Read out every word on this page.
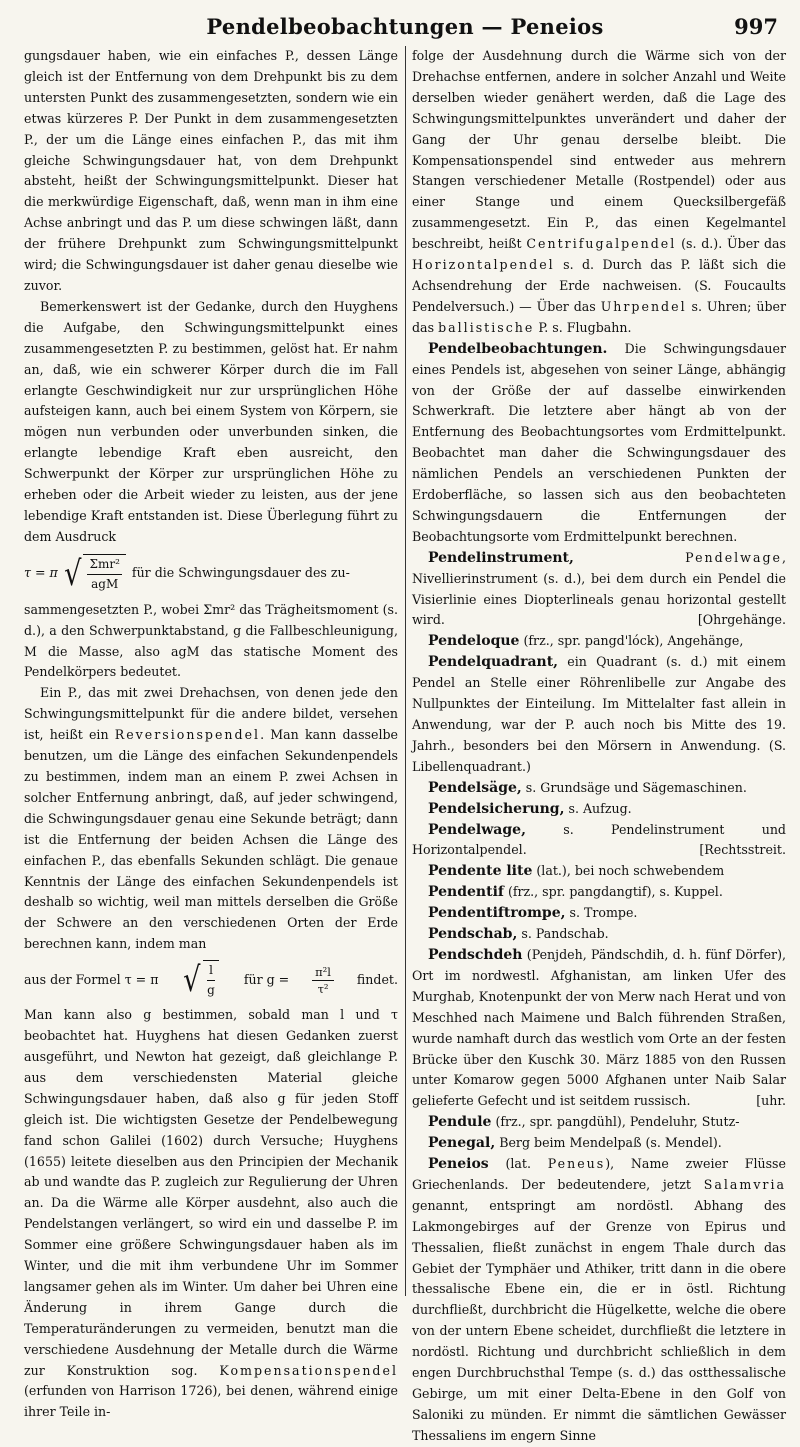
Pendelbeobachtungen — Peneios	997

gungsdauer haben, wie ein einfaches P., dessen Länge gleich ist der Entfernung von dem Drehpunkt bis zu dem untersten Punkt des zusammengesetzten, sondern wie ein etwas kürzeres P. Der Punkt in dem zusammengesetzten P., der um die Länge eines einfachen P., das mit ihm gleiche Schwingungsdauer hat, von dem Drehpunkt absteht, heißt der Schwingungsmittelpunkt. Dieser hat die merkwürdige Eigenschaft, daß, wenn man in ihm eine Achse anbringt und das P. um diese schwingen läßt, dann der frühere Drehpunkt zum Schwingungsmittelpunkt wird; die Schwingungsdauer ist daher genau dieselbe wie zuvor.

Bemerkenswert ist der Gedanke, durch den Huyghens die Aufgabe, den Schwingungsmittelpunkt eines zusammengesetzten P. zu bestimmen, gelöst hat. Er nahm an, daß, wie ein schwerer Körper durch die im Fall erlangte Geschwindigkeit nur zur ursprünglichen Höhe aufsteigen kann, auch bei einem System von Körpern, sie mögen nun verbunden oder unverbunden sinken, die erlangte lebendige Kraft eben ausreicht, den Schwerpunkt der Körper zur ursprünglichen Höhe zu erheben oder die Arbeit wieder zu leisten, aus der jene lebendige Kraft entstanden ist. Diese Überlegung führt zu dem Ausdruck

τ = π √ $\frac{\text{Σmr²}}{\text{agM}}$ für die Schwingungsdauer des zu-

sammengesetzten P., wobei Σmr² das Trägheitsmoment (s. d.), a den Schwerpunktabstand, g die Fallbeschleunigung, M die Masse, also agM das statische Moment des Pendelkörpers bedeutet.

Ein P., das mit zwei Drehachsen, von denen jede den Schwingungsmittelpunkt für die andere bildet, versehen ist, heißt ein Reversionspendel. Man kann dasselbe benutzen, um die Länge des einfachen Sekundenpendels zu bestimmen, indem man an einem P. zwei Achsen in solcher Entfernung anbringt, daß, auf jeder schwingend, die Schwingungsdauer genau eine Sekunde beträgt; dann ist die Entfernung der beiden Achsen die Länge des einfachen P., das ebenfalls Sekunden schlägt. Die genaue Kenntnis der Länge des einfachen Sekundenpendels ist deshalb so wichtig, weil man mittels derselben die Größe der Schwere an den verschiedenen Orten der Erde berechnen kann, indem man

aus der Formel τ = π √ $\frac{l}{g}$ für $g = \frac{\text{π²l}}{\text{τ²}} findet$.

Man kann also g bestimmen, sobald man l und τ beobachtet hat. Huyghens hat diesen Gedanken zuerst ausgeführt, und Newton hat gezeigt, daß gleichlange P. aus dem verschiedensten Material gleiche Schwingungsdauer haben, daß also g für jeden Stoff gleich ist. Die wichtigsten Gesetze der Pendelbewegung fand schon Galilei (1602) durch Versuche; Huyghens (1655) leitete dieselben aus den Principien der Mechanik ab und wandte das P. zugleich zur Regulierung der Uhren an. Da die Wärme alle Körper ausdehnt, also auch die Pendelstangen verlängert, so wird ein und dasselbe P. im Sommer eine größere Schwingungsdauer haben als im Winter, und die mit ihm verbundene Uhr im Sommer langsamer gehen als im Winter. Um daher bei Uhren eine Änderung in ihrem Gange durch die Temperaturänderungen zu vermeiden, benutzt man die verschiedene Ausdehnung der Metalle durch die Wärme zur Konstruktion sog. Kompensationspendel (erfunden von Harrison 1726), bei denen, während einige ihrer Teile in-

folge der Ausdehnung durch die Wärme sich von der Drehachse entfernen, andere in solcher Anzahl und Weite derselben wieder genähert werden, daß die Lage des Schwingungsmittelpunktes unverändert und daher der Gang der Uhr genau derselbe bleibt. Die Kompensationspendel sind entweder aus mehrern Stangen verschiedener Metalle (Rostpendel) oder aus einer Stange und einem Quecksilbergefäß zusammengesetzt. Ein P., das einen Kegelmantel beschreibt, heißt Centrifugalpendel (s. d.). Über das Horizontalpendel s. d. Durch das P. läßt sich die Achsendrehung der Erde nachweisen. (S. Foucaults Pendelversuch.) — Über das Uhrpendel s. Uhren; über das ballistische P. s. Flugbahn.

Pendelbeobachtungen. Die Schwingungsdauer eines Pendels ist, abgesehen von seiner Länge, abhängig von der Größe der auf dasselbe einwirkenden Schwerkraft. Die letztere aber hängt ab von der Entfernung des Beobachtungsortes vom Erdmittelpunkt. Beobachtet man daher die Schwingungsdauer des nämlichen Pendels an verschiedenen Punkten der Erdoberfläche, so lassen sich aus den beobachteten Schwingungsdauern die Entfernungen der Beobachtungsorte vom Erdmittelpunkt berechnen.

Pendelinstrument,	Pendelwage, Nivellierinstrument (s. d.), bei dem durch ein Pendel die Visierlinie eines Diopterlineals genau horizontal gestellt wird.	[Ohrgehänge.

Pendeloque (frz., spr. pangd'lóck), Angehänge,

Pendelquadrant, ein Quadrant (s. d.) mit einem Pendel an Stelle einer Röhrenlibelle zur Angabe des Nullpunktes der Einteilung. Im Mittelalter fast allein in Anwendung, war der P. auch noch bis Mitte des 19. Jahrh., besonders bei den Mörsern in Anwendung. (S. Libellenquadrant.)

Pendelsäge, s. Grundsäge und Sägemaschinen.

Pendelsicherung, s. Aufzug.

Pendelwage,	s. Pendelinstrument und Horizontalpendel.	[Rechtsstreit.

Pendente lite (lat.), bei noch schwebendem

Pendentif (frz., spr. pangdangtif), s. Kuppel.

Pendentiftrompe, s. Trompe.

Pendschab, s. Pandschab.

Pendschdeh (Penjdeh, Pändschdih, d. h. fünf Dörfer), Ort im nordwestl. Afghanistan, am linken Ufer des Murghab, Knotenpunkt der von Merw nach Herat und von Meschhed nach Maimene und Balch führenden Straßen, wurde namhaft durch das westlich vom Orte an der festen Brücke über den Kuschk 30. März 1885 von den Russen unter Komarow gegen 5000 Afghanen unter Naib Salar gelieferte Gefecht und ist seitdem russisch.	[uhr.

Pendule (frz., spr. pangdühl), Pendeluhr, Stutz-

Penegal, Berg beim Mendelpaß (s. Mendel).

Peneios (lat. Peneus), Name zweier Flüsse Griechenlands. Der bedeutendere, jetzt Salamvria genannt, entspringt am nordöstl. Abhang des Lakmongebirges auf der Grenze von Epirus und Thessalien, fließt zunächst in engem Thale durch das Gebiet der Tymphäer und Athiker, tritt dann in die obere thessalische Ebene ein, die er in östl. Richtung durchfließt, durchbricht die Hügelkette, welche die obere von der untern Ebene scheidet, durchfließt die letztere in nordöstl. Richtung und durchbricht schließlich in dem engen Durchbruchsthal Tempe (s. d.) das ostthessalische Gebirge, um mit einer Delta-Ebene in den Golf von Saloniki zu münden. Er nimmt die sämtlichen Gewässer Thessaliens im engern Sinne
